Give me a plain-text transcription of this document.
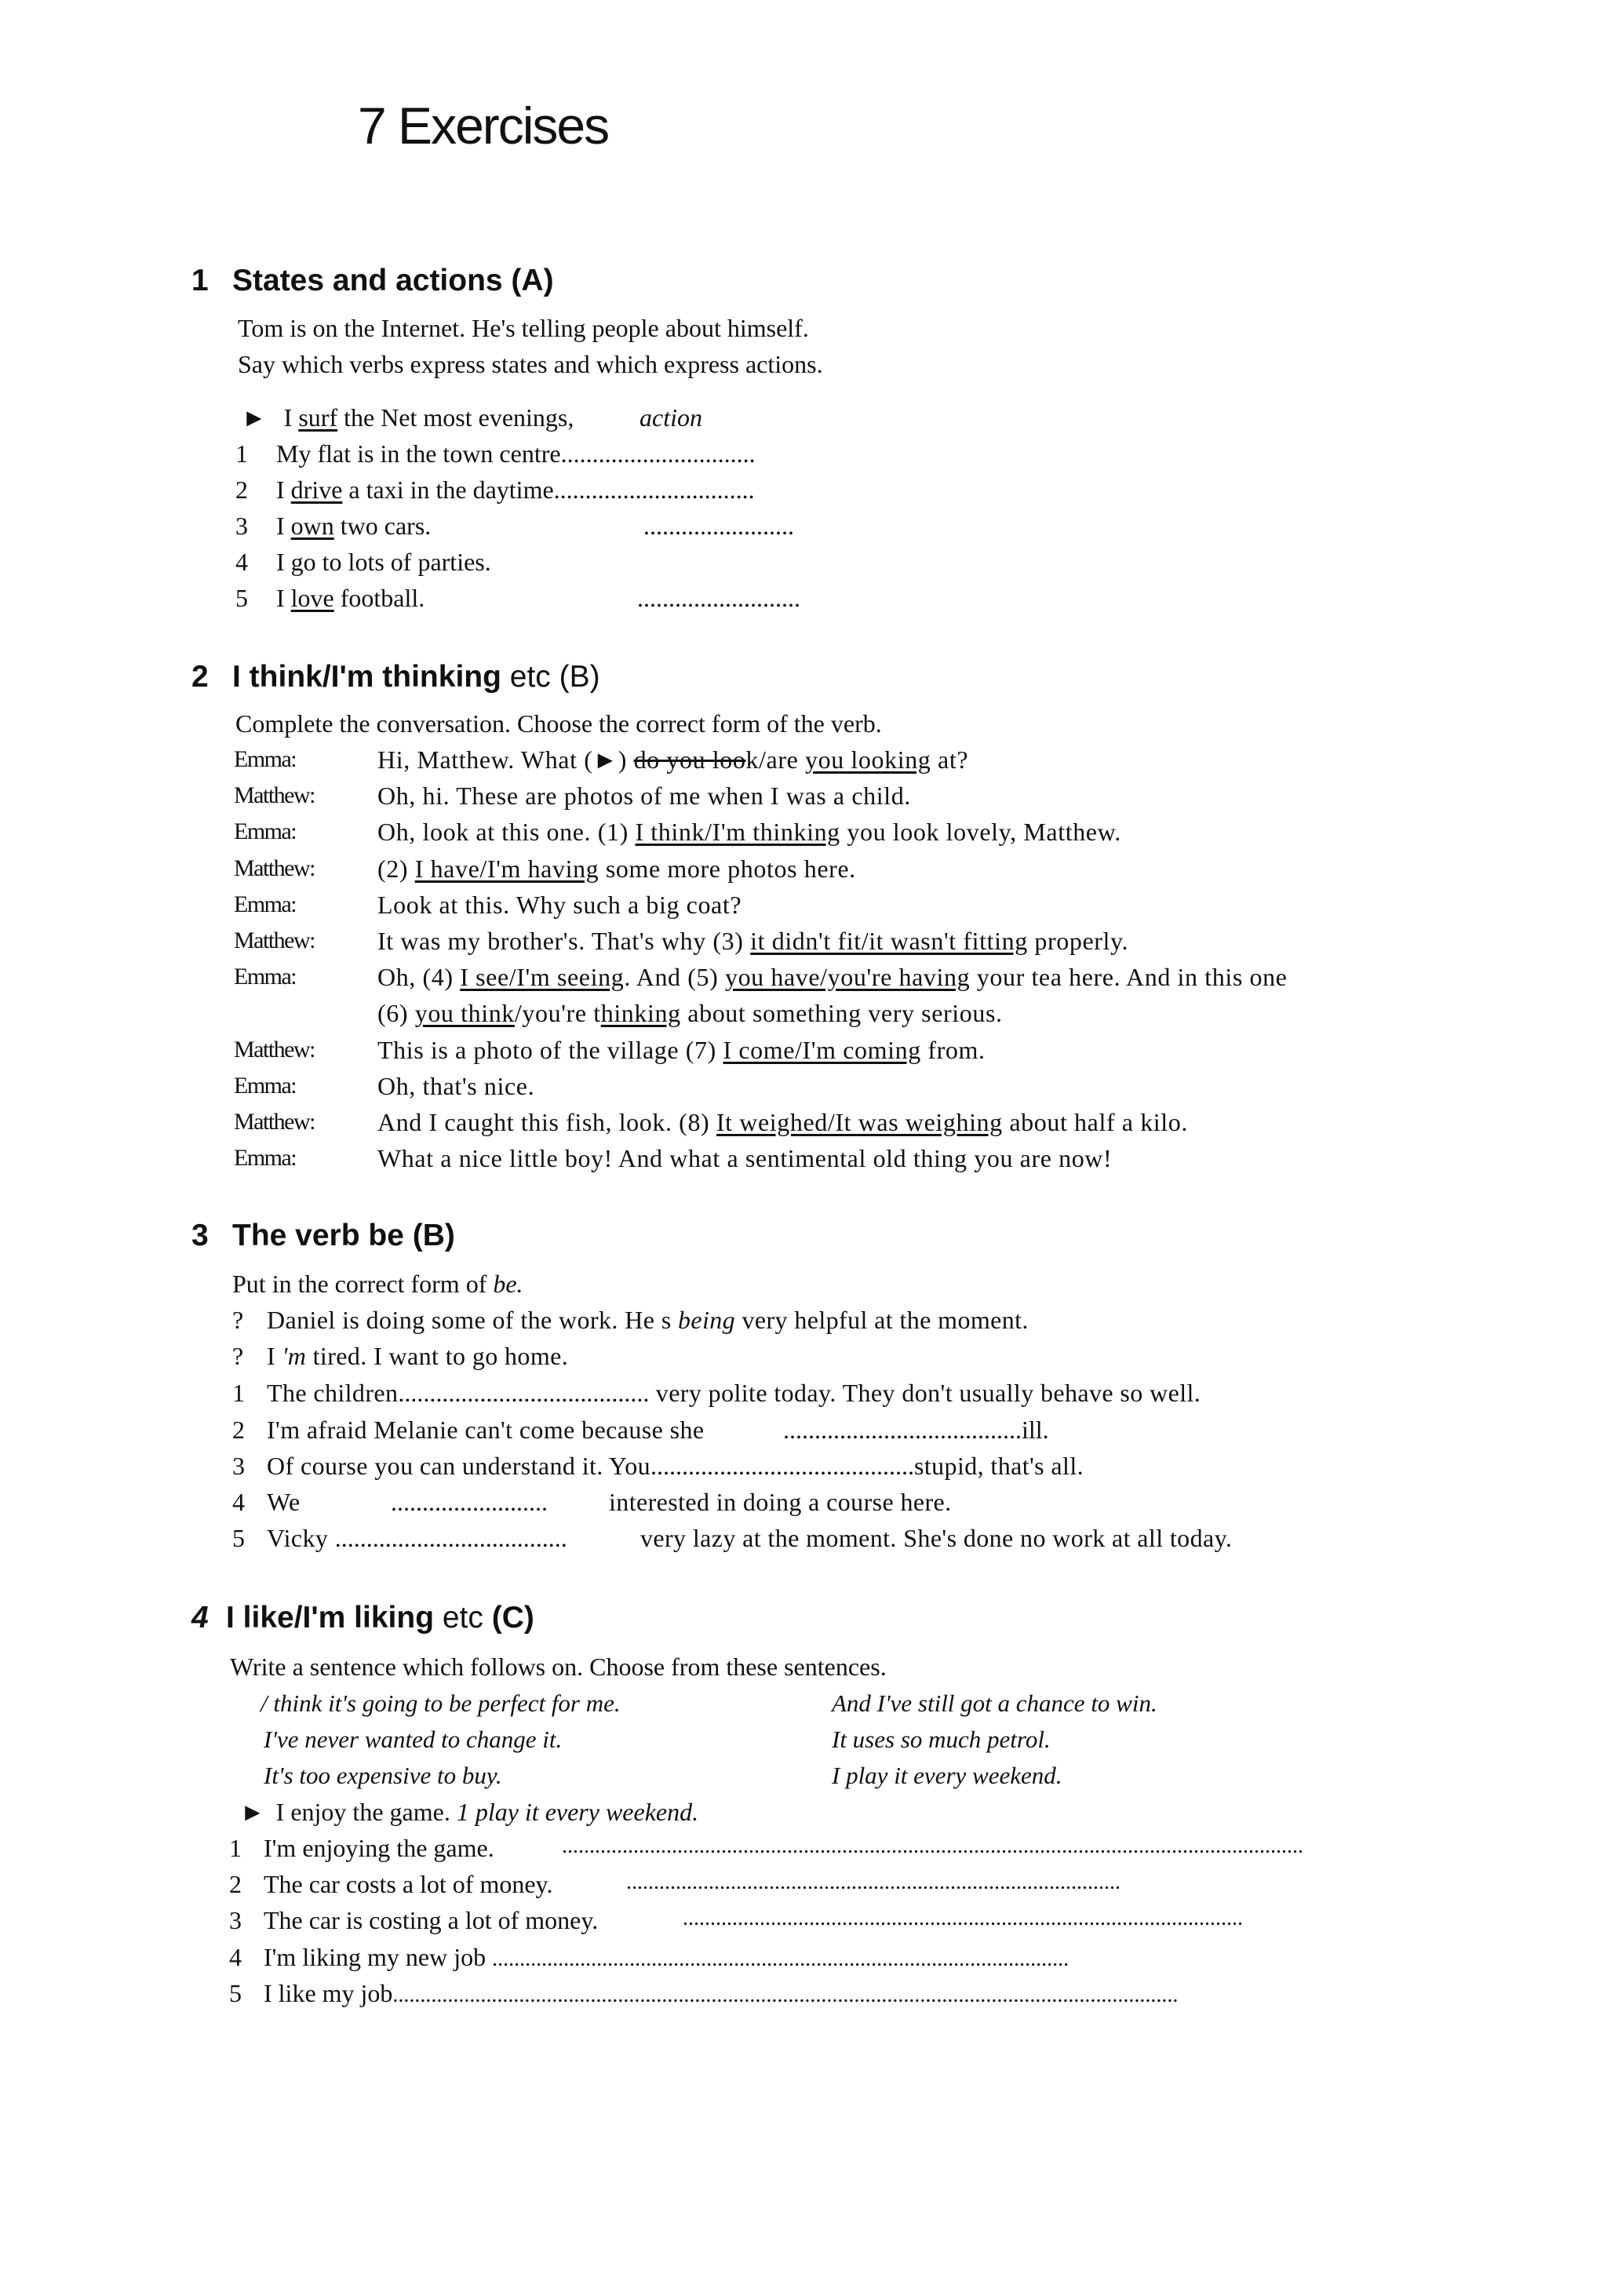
7 Exercises
1 States and actions (A)
Tom is on the Internet. He's telling people about himself.
Say which verbs express states and which express actions.
► I surf the Net most evenings,	action
1 My flat is in the town centre...............................
2 I drive a taxi in the daytime................................
3 I own two cars.	........................
4 I go to lots of parties.
5 I love football.	..........................
2 I think/I'm thinking etc (B)
Complete the conversation. Choose the correct form of the verb.
Emma:	Hi, Matthew. What (►) do you look/are you looking at?
Matthew:	Oh, hi. These are photos of me when I was a child.
Emma:	Oh, look at this one. (1) I think/I'm thinking you look lovely, Matthew.
Matthew:	(2) I have/I'm having some more photos here.
Emma:	Look at this. Why such a big coat?
Matthew:	It was my brother's. That's why (3) it didn't fit/it wasn't fitting properly.
Emma:	Oh, (4) I see/I'm seeing. And (5) you have/you're having your tea here. And in this one
(6) you think/you're thinking about something very serious.
Matthew:	This is a photo of the village (7) I come/I'm coming from.
Emma:	Oh, that's nice.
Matthew:	And I caught this fish, look. (8) It weighed/It was weighing about half a kilo.
Emma:	What a nice little boy! And what a sentimental old thing you are now!
3 The verb be (B)
Put in the correct form of be.
? Daniel is doing some of the work. He s being very helpful at the moment.
? I 'm tired. I want to go home.
1 The children........................................ very polite today. They don't usually behave so well.
2 I'm afraid Melanie can't come because she	......................................ill.
3 Of course you can understand it. You..........................................stupid, that's all.
4 We	......................... interested in doing a course here.
5 Vicky .....................................	very lazy at the moment. She's done no work at all today.
4 I like/I'm liking etc (C)
Write a sentence which follows on. Choose from these sentences.
/ think it's going to be perfect for me.
I've never wanted to change it.
It's too expensive to buy.
And I've still got a chance to win.
It uses so much petrol.
I play it every weekend.
► I enjoy the game. 1 play it every weekend.
1 I'm enjoying the game.	.......................................................................................................................................
2 The car costs a lot of money.	..........................................................................................
3 The car is costing a lot of money.	......................................................................................................
4 I'm liking my new job .........................................................................................................
5 I like my job...............................................................................................................................................
